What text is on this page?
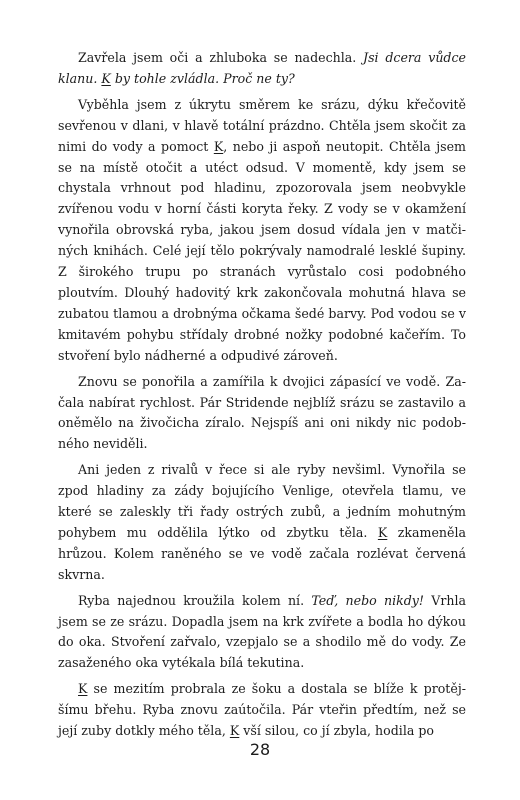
Zavřela jsem oči a zhluboka se nadechla. Jsi dcera vůdce klanu. K by tohle zvládla. Proč ne ty?

Vyběhla jsem z úkrytu směrem ke srázu, dýku křečovitě sevřenou v dlani, v hlavě totální prázdno. Chtěla jsem skočit za nimi do vody a pomoct K, nebo ji aspoň neutopit. Chtěla jsem se na místě otočit a utéct odsud. V momentě, kdy jsem se chystala vrhnout pod hladinu, zpozorovala jsem neobvykle zvířenou vodu v horní části koryta řeky. Z vody se v okamžení vynořila obrovská ryba, jakou jsem dosud vídala jen v matčiných knihách. Celé její tělo pokrývaly namodralé lesklé šupiny. Z širokého trupu po stranách vyrůstalo cosi podobného ploutvím. Dlouhý hadovitý krk zakončovala mohutná hlava se zubatou tlamou a drobnýma očkama šedé barvy. Pod vodou se v kmitavém pohybu střídaly drobné nožky podobné kačeřím. To stvoření bylo nádherné a odpudivé zároveň.

Znovu se ponořila a zamířila k dvojici zápasící ve vodě. Začala nabírat rychlost. Pár Stridende nejblíž srázu se zastavilo a oněmělo na živočicha zíralo. Nejspíš ani oni nikdy nic podobného neviděli.

Ani jeden z rivalů v řece si ale ryby nevšiml. Vynořila se zpod hladiny za zády bojujícího Venlige, otevřela tlamu, ve které se zaleskly tři řady ostrých zubů, a jedním mohutným pohybem mu oddělila lýtko od zbytku těla. K zkameněla hrůzou. Kolem raněného se ve vodě začala rozlévat červená skvrna.

Ryba najednou kroužila kolem ní. Teď, nebo nikdy! Vrhla jsem se ze srázu. Dopadla jsem na krk zvířete a bodla ho dýkou do oka. Stvoření zařvalo, vzepjalo se a shodilo mě do vody. Ze zasaženého oka vytékala bílá tekutina.

K se mezitím probrala ze šoku a dostala se blíže k protějšímu břehu. Ryba znovu zaútočila. Pár vteřin předtím, než se její zuby dotkly mého těla, K vší silou, co jí zbyla, hodila po

28
